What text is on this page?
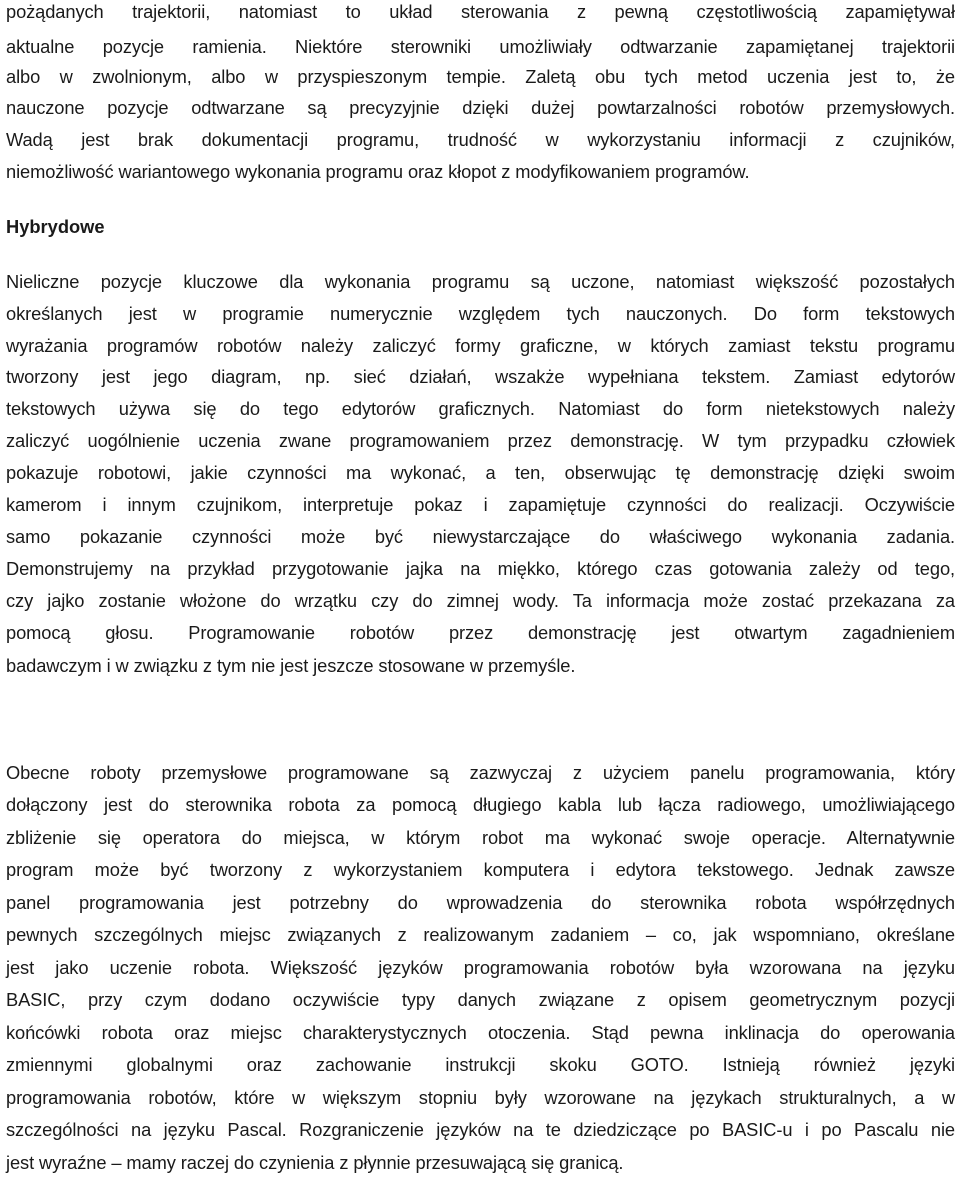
pożądanych trajektorii, natomiast to układ sterowania z pewną częstotliwością zapamiętywał
aktualne pozycje ramienia. Niektóre sterowniki umożliwiały odtwarzanie zapamiętanej trajektorii
albo w zwolnionym, albo w przyspieszonym tempie. Zaletą obu tych metod uczenia jest to, że
nauczone pozycje odtwarzane są precyzyjnie dzięki dużej powtarzalności robotów przemysłowych.
Wadą jest brak dokumentacji programu, trudność w wykorzystaniu informacji z czujników,
niemożliwość wariantowego wykonania programu oraz kłopot z modyfikowaniem programów.
Hybrydowe
Nieliczne pozycje kluczowe dla wykonania programu są uczone, natomiast większość pozostałych
określanych jest w programie numerycznie względem tych nauczonych. Do form tekstowych
wyrażania programów robotów należy zaliczyć formy graficzne, w których zamiast tekstu programu
tworzony jest jego diagram, np. sieć działań, wszakże wypełniana tekstem. Zamiast edytorów
tekstowych używa się do tego edytorów graficznych. Natomiast do form nietekstowych należy
zaliczyć uogólnienie uczenia zwane programowaniem przez demonstrację. W tym przypadku człowiek
pokazuje robotowi, jakie czynności ma wykonać, a ten, obserwując tę demonstrację dzięki swoim
kamerom i innym czujnikom, interpretuje pokaz i zapamiętuje czynności do realizacji. Oczywiście
samo pokazanie czynności może być niewystarczające do właściwego wykonania zadania.
Demonstrujemy na przykład przygotowanie jajka na miękko, którego czas gotowania zależy od tego,
czy jajko zostanie włożone do wrzątku czy do zimnej wody. Ta informacja może zostać przekazana za
pomocą głosu. Programowanie robotów przez demonstrację jest otwartym zagadnieniem
badawczym i w związku z tym nie jest jeszcze stosowane w przemyśle.
Obecne roboty przemysłowe programowane są zazwyczaj z użyciem panelu programowania, który
dołączony jest do sterownika robota za pomocą długiego kabla lub łącza radiowego, umożliwiającego
zbliżenie się operatora do miejsca, w którym robot ma wykonać swoje operacje. Alternatywnie
program może być tworzony z wykorzystaniem komputera i edytora tekstowego. Jednak zawsze
panel programowania jest potrzebny do wprowadzenia do sterownika robota współrzędnych
pewnych szczególnych miejsc związanych z realizowanym zadaniem – co, jak wspomniano, określane
jest jako uczenie robota. Większość języków programowania robotów była wzorowana na języku
BASIC, przy czym dodano oczywiście typy danych związane z opisem geometrycznym pozycji
końcówki robota oraz miejsc charakterystycznych otoczenia. Stąd pewna inklinacja do operowania
zmiennymi globalnymi oraz zachowanie instrukcji skoku GOTO. Istnieją również języki
programowania robotów, które w większym stopniu były wzorowane na językach strukturalnych, a w
szczególności na języku Pascal. Rozgraniczenie języków na te dziedziczące po BASIC-u i po Pascalu nie
jest wyraźne – mamy raczej do czynienia z płynnie przesuwającą się granicą.
